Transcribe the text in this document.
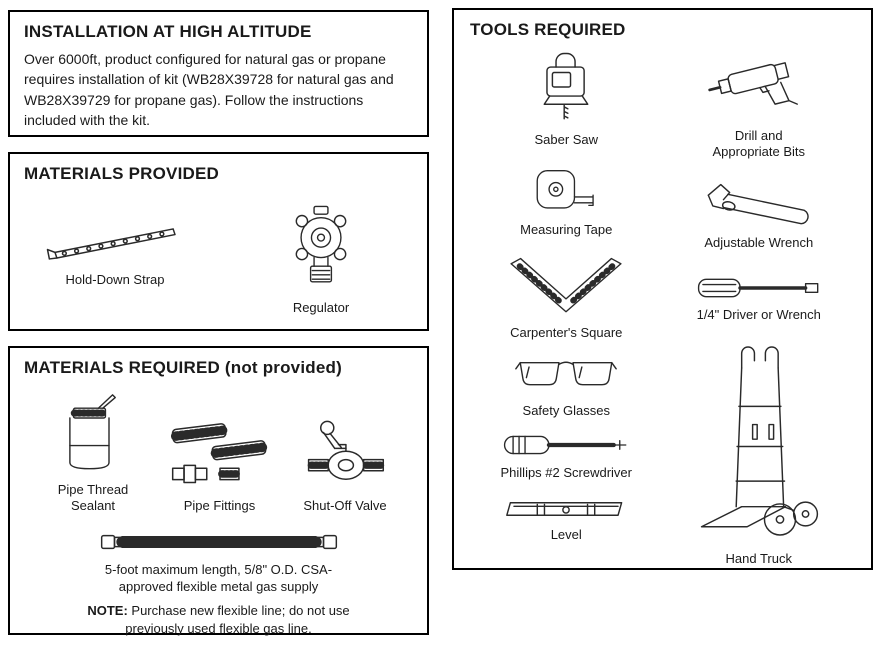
INSTALLATION AT HIGH ALTITUDE
Over 6000ft, product configured for natural gas or propane requires installation of kit (WB28X39728 for natural gas and WB28X39729 for propane gas). Follow the instructions included with the kit.
MATERIALS PROVIDED
Hold-Down Strap
Regulator
MATERIALS REQUIRED (not provided)
Pipe Thread Sealant	Pipe Fittings	Shut-Off Valve
5-foot maximum length, 5/8" O.D. CSA-
approved flexible metal gas supply
NOTE: Purchase new flexible line; do not use previously used flexible gas line.
TOOLS REQUIRED
Saber Saw
Measuring Tape
Carpenter's Square
Safety Glasses
Phillips #2 Screwdriver
Level
Drill and Appropriate Bits
Adjustable Wrench
1/4" Driver or Wrench
Hand Truck
